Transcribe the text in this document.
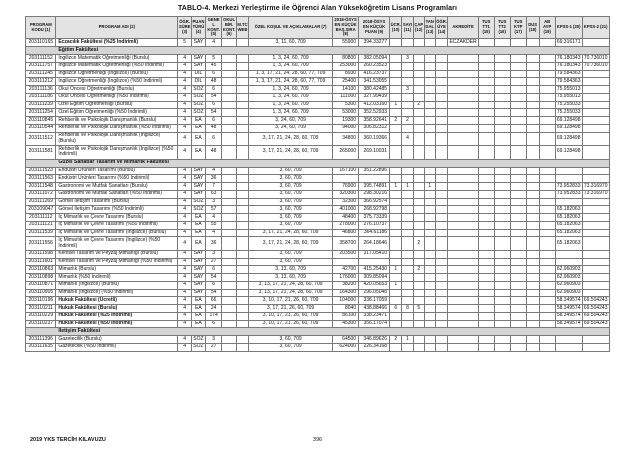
TABLO-4. Merkezi Yerleştirme ile Öğrenci Alan Yükseköğretim Lisans Programları
PROGRAM KODU (1)	PROGRAM ADI (2)	ÖĞR. SÜRE (3)	PUAN TÜRÜ (4)	GENEL KONT. (5)	OKUL BİR. KONT. (6)	M.TC WEB	ÖZEL KOŞUL VE AÇIKLAMALAR (7)	2018-ÖSYS EN KÜÇÜK BAŞ.SIRA (8)	2018-ÖSYS EN KÜÇÜK PUAN (9)	ÜCR. (10)	SAYI (11)	ÇAP (12)	YAN DAL (13)	ÖĞR. ÜYE (14)	AKREDİTE	TUS TT1 (15)	TUS TT2 (16)	TUS KTP (17)	DUS (18)	AB AYP (19)	KPSS-1 (20)	KPSS-2 (21)
203110165	Eczacılık Fakültesi (%25 İndirimli)	5	SAY	4			3, 11, 60, 709	55900	394.33277						ECZAKDER						69.316171	
Eğitim Fakültesi																						
203111152	İngilizce Matematik Öğretmenliği (Burslu)	4	SAY	5			1, 3, 24, 60, 709	80800	382.05094		3										76.180343	70.736010
203111757	İngilizce Matematik Öğretmenliği (%50 İndirimli)	4	SAY	45			1, 3, 24, 60, 709	253000	260.23523												76.180343	70.736010
203111245	İngilizce Öğretmenliği (İngilizce) (Burslu)	4	DİL	6			1, 3, 17, 21, 24, 28, 60, 77, 709	8930	416.23737												79.584363	
203111212	İngilizce Öğretmenliği (İngilizce) (%50 İndirimli)	4	DİL	48			1, 3, 17, 21, 24, 28, 60, 77, 709	25400	341.53055												79.584363	
203111136	Okul Öncesi Öğretmenliği (Burslu)	4	SÖZ	6			1, 3, 24, 60, 709	14100	380.42485		3										75.955013	
203111186	Okul Öncesi Öğretmenliği (%50 İndirimli)	4	SÖZ	54			1, 3, 24, 60, 709	111000	327.99439												75.955013	
203111239	Özel Eğitim Öğretmenliği (Burslu)	4	SÖZ	6			1, 3, 24, 60, 709	5300	412.03160	1		2									75.255033	
203111254	Özel Eğitim Öğretmenliği (%50 İndirimli)	4	SÖZ	54			1, 3, 24, 60, 709	53000	352.52933												75.255033	
203110845	Rehberlik ve Psikolojik Danışmanlık (Burslu)	4	EA	6			3, 24, 60, 709	19300	358.92641	2	2										69.128498	
203110544	Rehberlik ve Psikolojik Danışmanlık (%50 İndirimli)	4	EA	48			3, 24, 60, 709	94000	306.82312												69.128498	
203111512	Rehberlik ve Psikolojik Danışmanlık (İngilizce) (Burslu)	4	EA	6			3, 17, 21, 24, 28, 60, 709	34800	360.19366		4										69.128498	
203111581	Rehberlik ve Psikolojik Danışmanlık (İngilizce) (%50 İndirimli)	4	EA	48			3, 17, 21, 24, 28, 60, 709	265000	269.10031												69.128498	
Güzel Sanatlar Tasarım ve Mimarlık Fakültesi																						
203111523	Endüstri Ürünleri Tasarımı (Burslu)	4	SAY	4			3, 60, 709	167100	351.22896													
203111563	Endüstri Ürünleri Tasarımı (%50 İndirimli)	4	SAY	36			3, 60, 709															
203111548	Gastronomi ve Mutfak Sanatları (Burslu)	4	SAY	7			3, 60, 709	76900	395.74891	1	1		1								73.952833	73.316970
203111072	Gastronomi ve Mutfak Sanatları (%50 İndirimli)	4	SAY	63			3, 60, 709	320300	298.30216												73.952833	73.316970
203111269	Görsel İletişim Tasarımı (Burslu)	4	SÖZ	3			3, 60, 709	32300	366.92574													
203109047	Görsel İletişim Tasarımı (%50 İndirimli)	4	SÖZ	57			3, 60, 709	401000	268.92798												65.182063	
203111112	İç Mimarlık ve Çevre Tasarımı (Burslu)	4	EA	4			3, 60, 709	48400	375.73339												65.182063	
203111121	İç Mimarlık ve Çevre Tasarımı (%50 İndirimli)	4	EA	55			3, 60, 709	278000	276.10737												65.182063	
203111539	İç Mimarlık ve Çevre Tasarımı (İngilizce) (Burslu)	4	EA	4			3, 17, 21, 24, 28, 60, 709	46800	364.61186												65.182063	
203111556	İç Mimarlık ve Çevre Tasarımı (İngilizce) (%50 İndirimli)	4	EA	36			3, 17, 21, 24, 28, 60, 709	358700	264.18646			2									65.182063	
203111598	Kentsel Tasarım ve Peyzaj Mimarlığı (Burslu)	4	SAY	3			3, 60, 709	203500	317.05410													
203111601	Kentsel Tasarım ve Peyzaj Mimarlığı (%50 İndirimli)	4	SAY	27			3, 60, 709															
203110863	Mimarlık (Burslu)	4	SAY	6			3, 13, 60, 709	42700	415.25430	1		2									62.960903	
203110898	Mimarlık (%50 İndirimli)	4	SAY	54			3, 13, 60, 709	176000	309.85094												62.960903	
203110871	Mimarlık (İngilizce) (Burslu)	4	SAY	6			3, 13, 17, 21, 24, 28, 60, 709	38200	420.05653	1											62.960903	
203110905	Mimarlık (İngilizce) (%50 İndirimli)	4	SAY	54			3, 13, 17, 21, 24, 28, 60, 709	164300	296.05048												62.960903	
203110196	Hukuk Fakültesi (Ücretli)	4	EA	66			3, 10, 17, 21, 26, 60, 709	104000	338.17059												58.349574	69.504243
203110211	Hukuk Fakültesi (Burslu)	4	EA	24			3, 17, 21, 26, 60, 709	8040	438.88466	6	8	5									58.349574	69.504243
203110229	Hukuk Fakültesi (%25 İndirimli)	4	EA	174			3, 10, 17, 21, 26, 60, 709	86100	338.23471												58.349574	69.504243
203110237	Hukuk Fakültesi (%50 İndirimli)	4	EA	6			3, 10, 17, 21, 26, 60, 709	45300	356.17074												58.349574	69.504243
İletişim Fakültesi																						
203111396	Gazetecilik (Burslu)	4	SÖZ	3			3, 60, 709	64500	346.89626	2	1											
203111635	Gazetecilik (%50 İndirimli)	4	SÖZ	27			3, 60, 709	624000	226.34168													
2019 YKS TERCİH KILAVUZU	396
